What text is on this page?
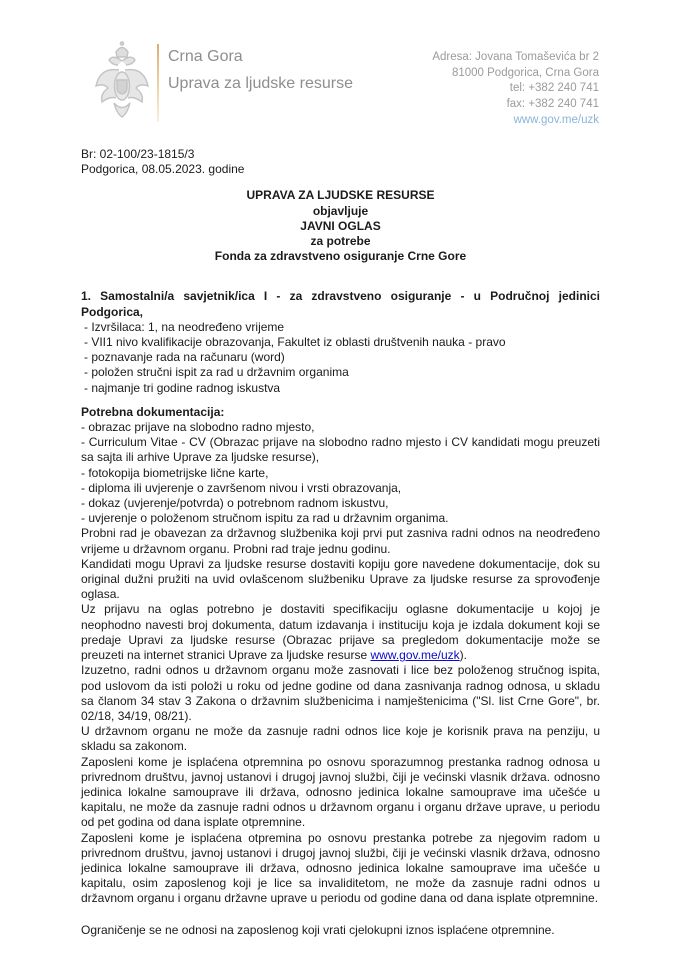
Crna Gora
Uprava za ljudske resurse
Adresa: Jovana Tomaševića br 2
81000 Podgorica, Crna Gora
tel: +382 240 741
fax: +382 240 741
www.gov.me/uzk
Br: 02-100/23-1815/3
Podgorica, 08.05.2023. godine
UPRAVA ZA LJUDSKE RESURSE
objavljuje
JAVNI OGLAS
za potrebe
Fonda za zdravstveno osiguranje Crne Gore
1. Samostalni/a savjetnik/ica I - za zdravstveno osiguranje - u Područnoj jedinici Podgorica,
- Izvršilaca: 1, na neodređeno vrijeme
- VII1 nivo kvalifikacije obrazovanja, Fakultet iz oblasti društvenih nauka - pravo
- poznavanje rada na računaru (word)
- položen stručni ispit za rad u državnim organima
- najmanje tri godine radnog iskustva
Potrebna dokumentacija:
- obrazac prijave na slobodno radno mjesto,
- Curriculum Vitae - CV (Obrazac prijave na slobodno radno mjesto i CV kandidati mogu preuzeti sa sajta ili arhive Uprave za ljudske resurse),
- fotokopija biometrijske lične karte,
- diploma ili uvjerenje o završenom nivou i vrsti obrazovanja,
- dokaz (uvjerenje/potvrda) o potrebnom radnom iskustvu,
- uvjerenje o položenom stručnom ispitu za rad u državnim organima.
Probni rad je obavezan za državnog službenika koji prvi put zasniva radni odnos na neodređeno vrijeme u državnom organu. Probni rad traje jednu godinu.
Kandidati mogu Upravi za ljudske resurse dostaviti kopiju gore navedene dokumentacije, dok su original dužni pružiti na uvid ovlašcenom službeniku Uprave za ljudske resurse za sprovođenje oglasa.
Uz prijavu na oglas potrebno je dostaviti specifikaciju oglasne dokumentacije u kojoj je neophodno navesti broj dokumenta, datum izdavanja i instituciju koja je izdala dokument koji se predaje Upravi za ljudske resurse (Obrazac prijave sa pregledom dokumentacije može se preuzeti na internet stranici Uprave za ljudske resurse www.gov.me/uzk).
Izuzetno, radni odnos u državnom organu može zasnovati i lice bez položenog stručnog ispita, pod uslovom da isti položi u roku od jedne godine od dana zasnivanja radnog odnosa, u skladu sa članom 34 stav 3 Zakona o državnim službenicima i namještenicima ("Sl. list Crne Gore", br. 02/18, 34/19, 08/21).
U državnom organu ne može da zasnuje radni odnos lice koje je korisnik prava na penziju, u skladu sa zakonom.
Zaposleni kome je isplaćena otpremnina po osnovu sporazumnog prestanka radnog odnosa u privrednom društvu, javnoj ustanovi i drugoj javnoj službi, čiji je većinski vlasnik država. odnosno jedinica lokalne samouprave ili država, odnosno jedinica lokalne samouprave ima učešće u kapitalu, ne može da zasnuje radni odnos u državnom organu i organu države uprave, u periodu od pet godina od dana isplate otpremnine.
Zaposleni kome je isplaćena otpremina po osnovu prestanka potrebe za njegovim radom u privrednom društvu, javnoj ustanovi i drugoj javnoj službi, čiji je većinski vlasnik država, odnosno jedinica lokalne samouprave ili država, odnosno jedinica lokalne samouprave ima učešće u kapitalu, osim zaposlenog koji je lice sa invaliditetom, ne može da zasnuje radni odnos u državnom organu i organu državne uprave u periodu od godine dana od dana isplate otpremnine.
Ograničenje se ne odnosi na zaposlenog koji vrati cjelokupni iznos isplaćene otpremnine.
